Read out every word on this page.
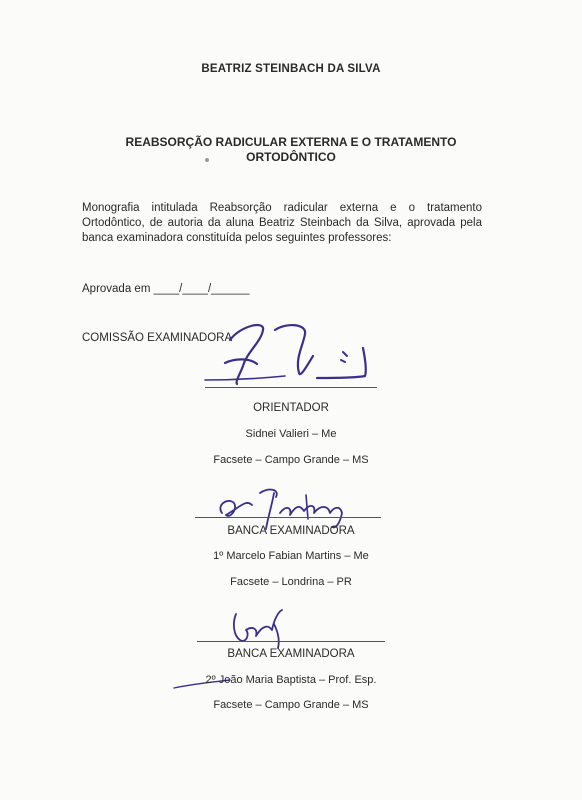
BEATRIZ STEINBACH DA SILVA
REABSORÇÃO RADICULAR EXTERNA E O TRATAMENTO
ORTODÔNTICO
Monografia intitulada Reabsorção radicular externa e o tratamento Ortodôntico, de autoria da aluna Beatriz Steinbach da Silva, aprovada pela banca examinadora constituída pelos seguintes professores:
Aprovada em ____/____/______
COMISSÃO EXAMINADORA
ORIENTADOR
Sidnei Valieri – Me
Facsete – Campo Grande – MS
BANCA EXAMINADORA
1º Marcelo Fabian Martins – Me
Facsete – Londrina – PR
BANCA EXAMINADORA
2º João Maria Baptista – Prof. Esp.
Facsete – Campo Grande – MS
